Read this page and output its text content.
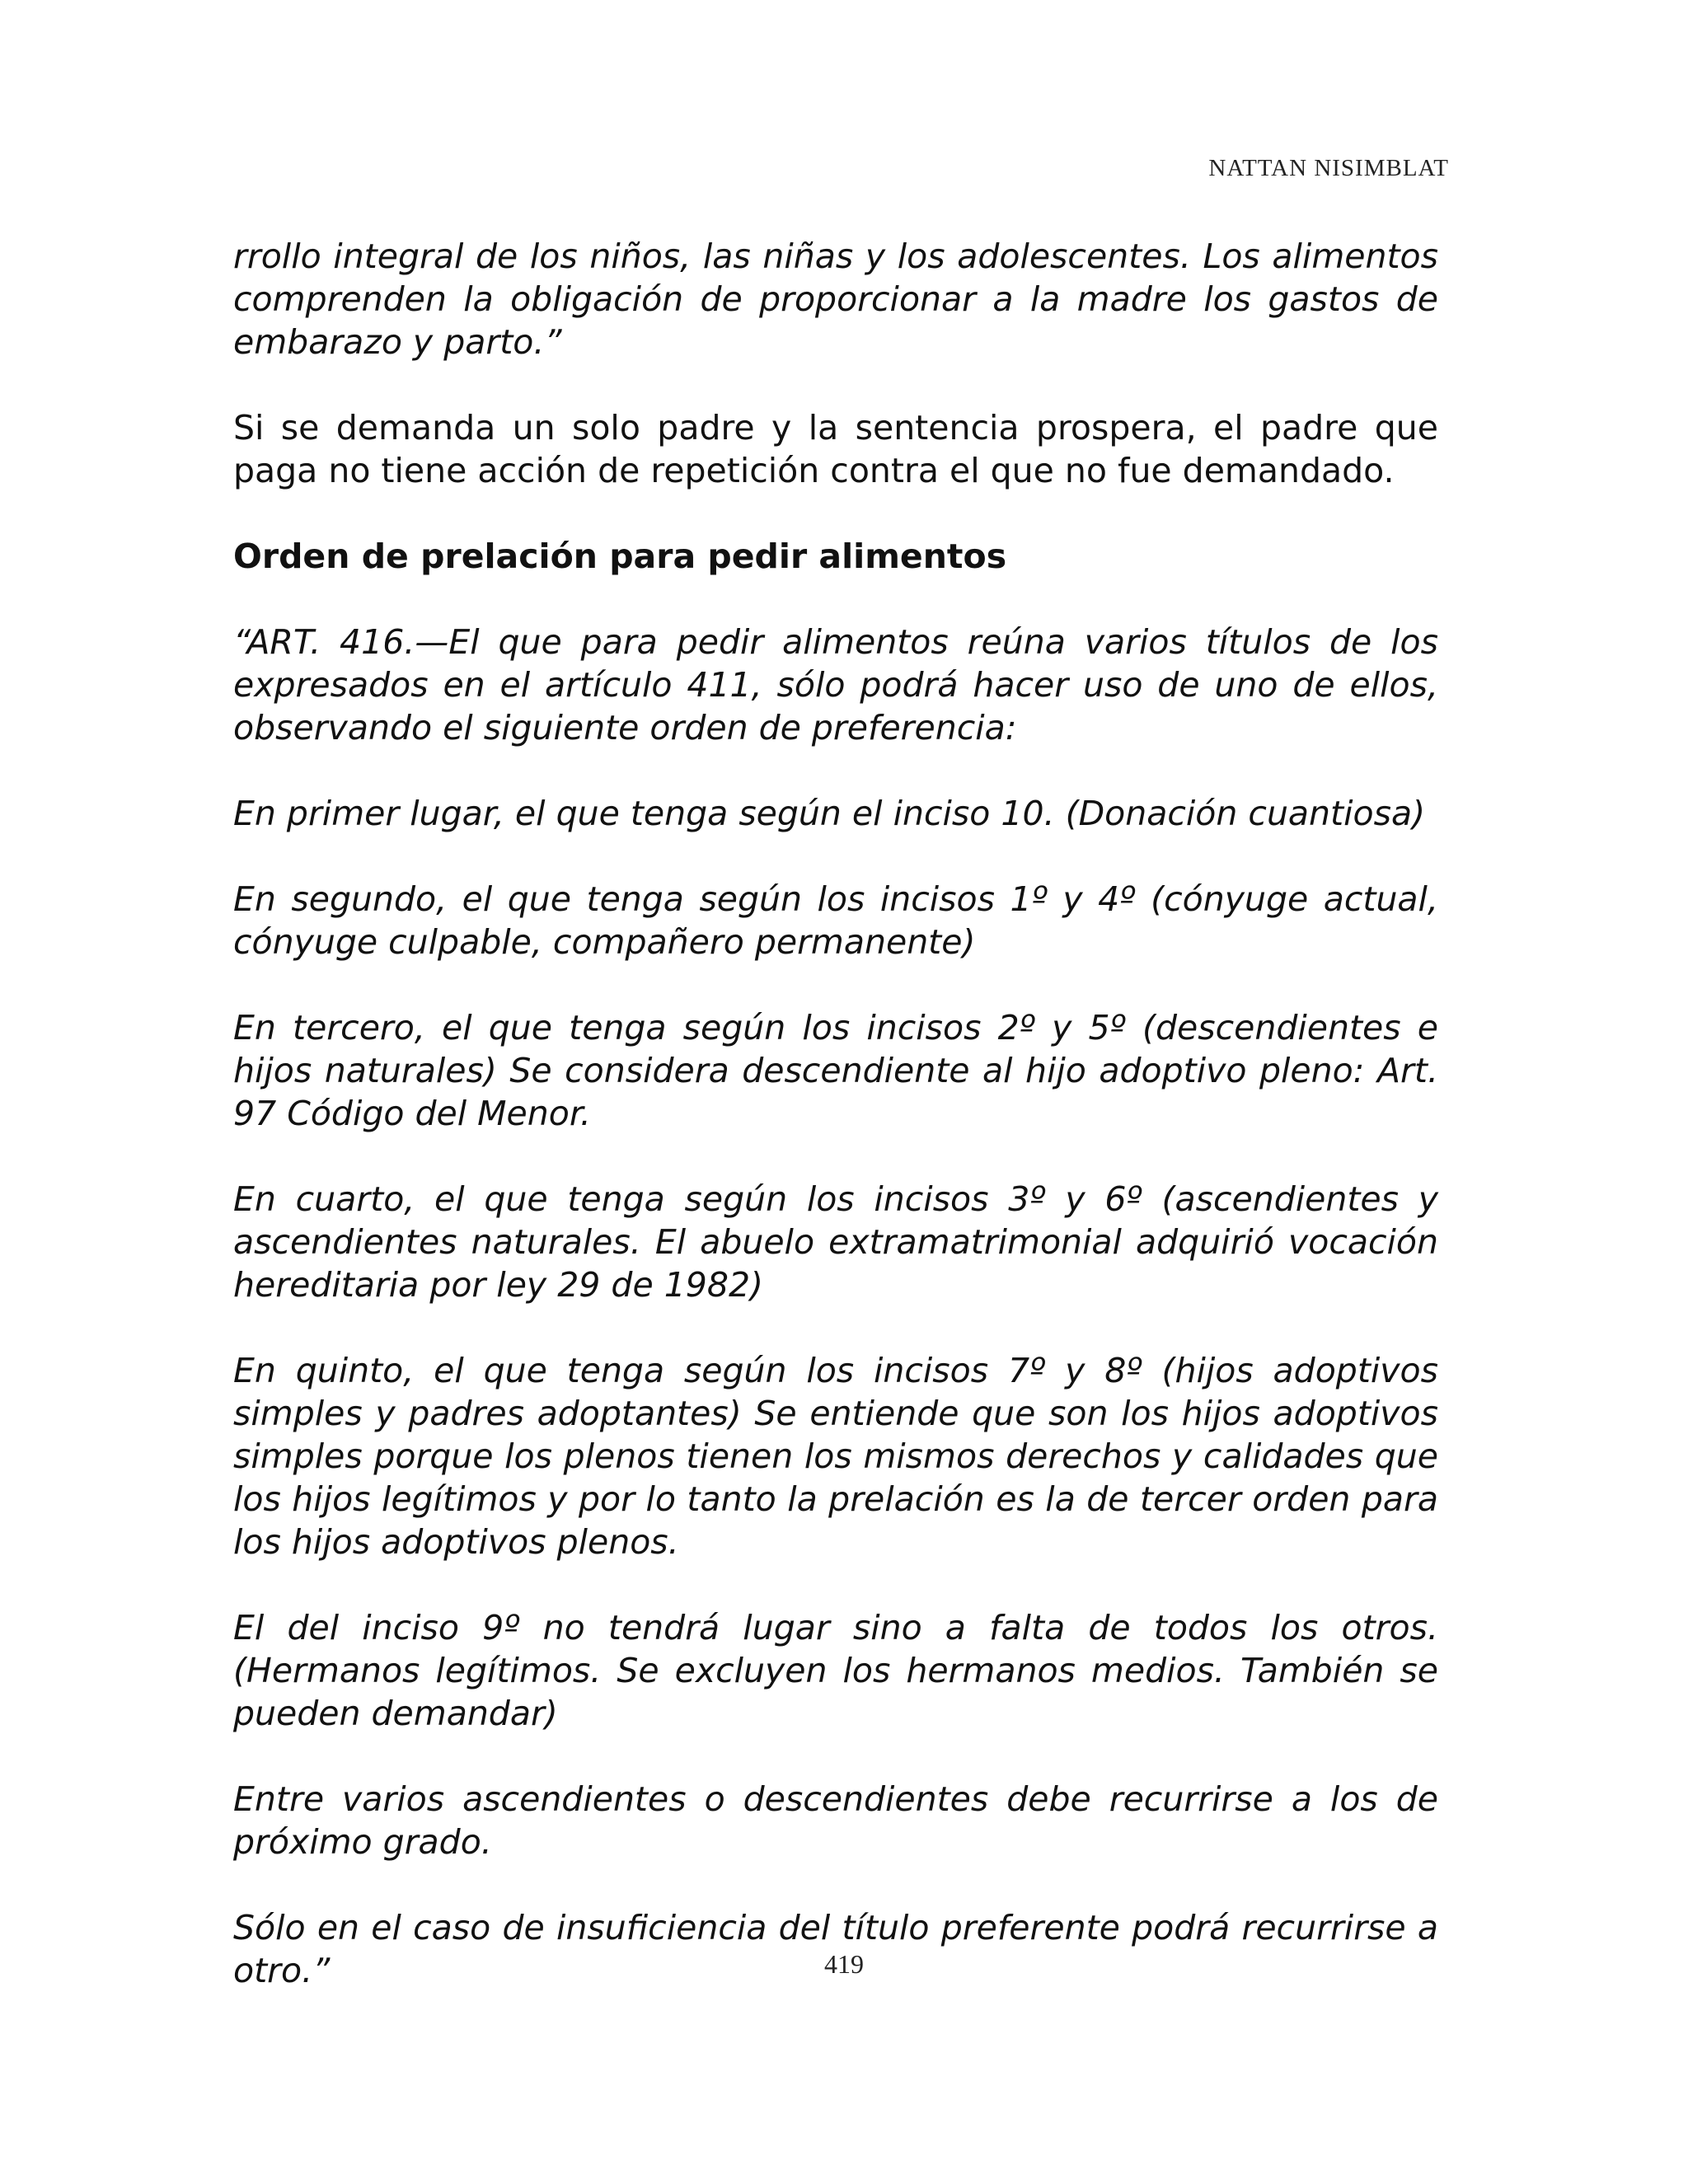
NATTAN NISIMBLAT

rrollo integral de los niños, las niñas y los adolescentes. Los alimentos comprenden la obligación de proporcionar a la madre los gastos de embarazo y parto.”

Si se demanda un solo padre y la sentencia prospera, el padre que paga no tiene acción de repetición contra el que no fue demandado.

Orden de prelación para pedir alimentos

“ART. 416.—El que para pedir alimentos reúna varios títulos de los expresados en el artículo 411, sólo podrá hacer uso de uno de ellos, observando el siguiente orden de preferencia:

En primer lugar, el que tenga según el inciso 10. (Donación cuantiosa)

En segundo, el que tenga según los incisos 1º y 4º (cónyuge actual, cónyuge culpable, compañero permanente)

En tercero, el que tenga según los incisos 2º y 5º (descendientes e hijos naturales) Se considera descendiente al hijo adoptivo pleno: Art. 97 Código del Menor.

En cuarto, el que tenga según los incisos 3º y 6º (ascendientes y ascendientes naturales. El abuelo extramatrimonial adquirió vocación hereditaria por ley 29 de 1982)

En quinto, el que tenga según los incisos 7º y 8º (hijos adoptivos simples y padres adoptantes) Se entiende que son los hijos adoptivos simples porque los plenos tienen los mismos derechos y calidades que los hijos legítimos y por lo tanto la prelación es la de tercer orden para los hijos adoptivos plenos.

El del inciso 9º no tendrá lugar sino a falta de todos los otros. (Hermanos legítimos. Se excluyen los hermanos medios. También se pueden demandar)

Entre varios ascendientes o descendientes debe recurrirse a los de próximo grado.

Sólo en el caso de insuficiencia del título preferente podrá recurrirse a otro.”	419
